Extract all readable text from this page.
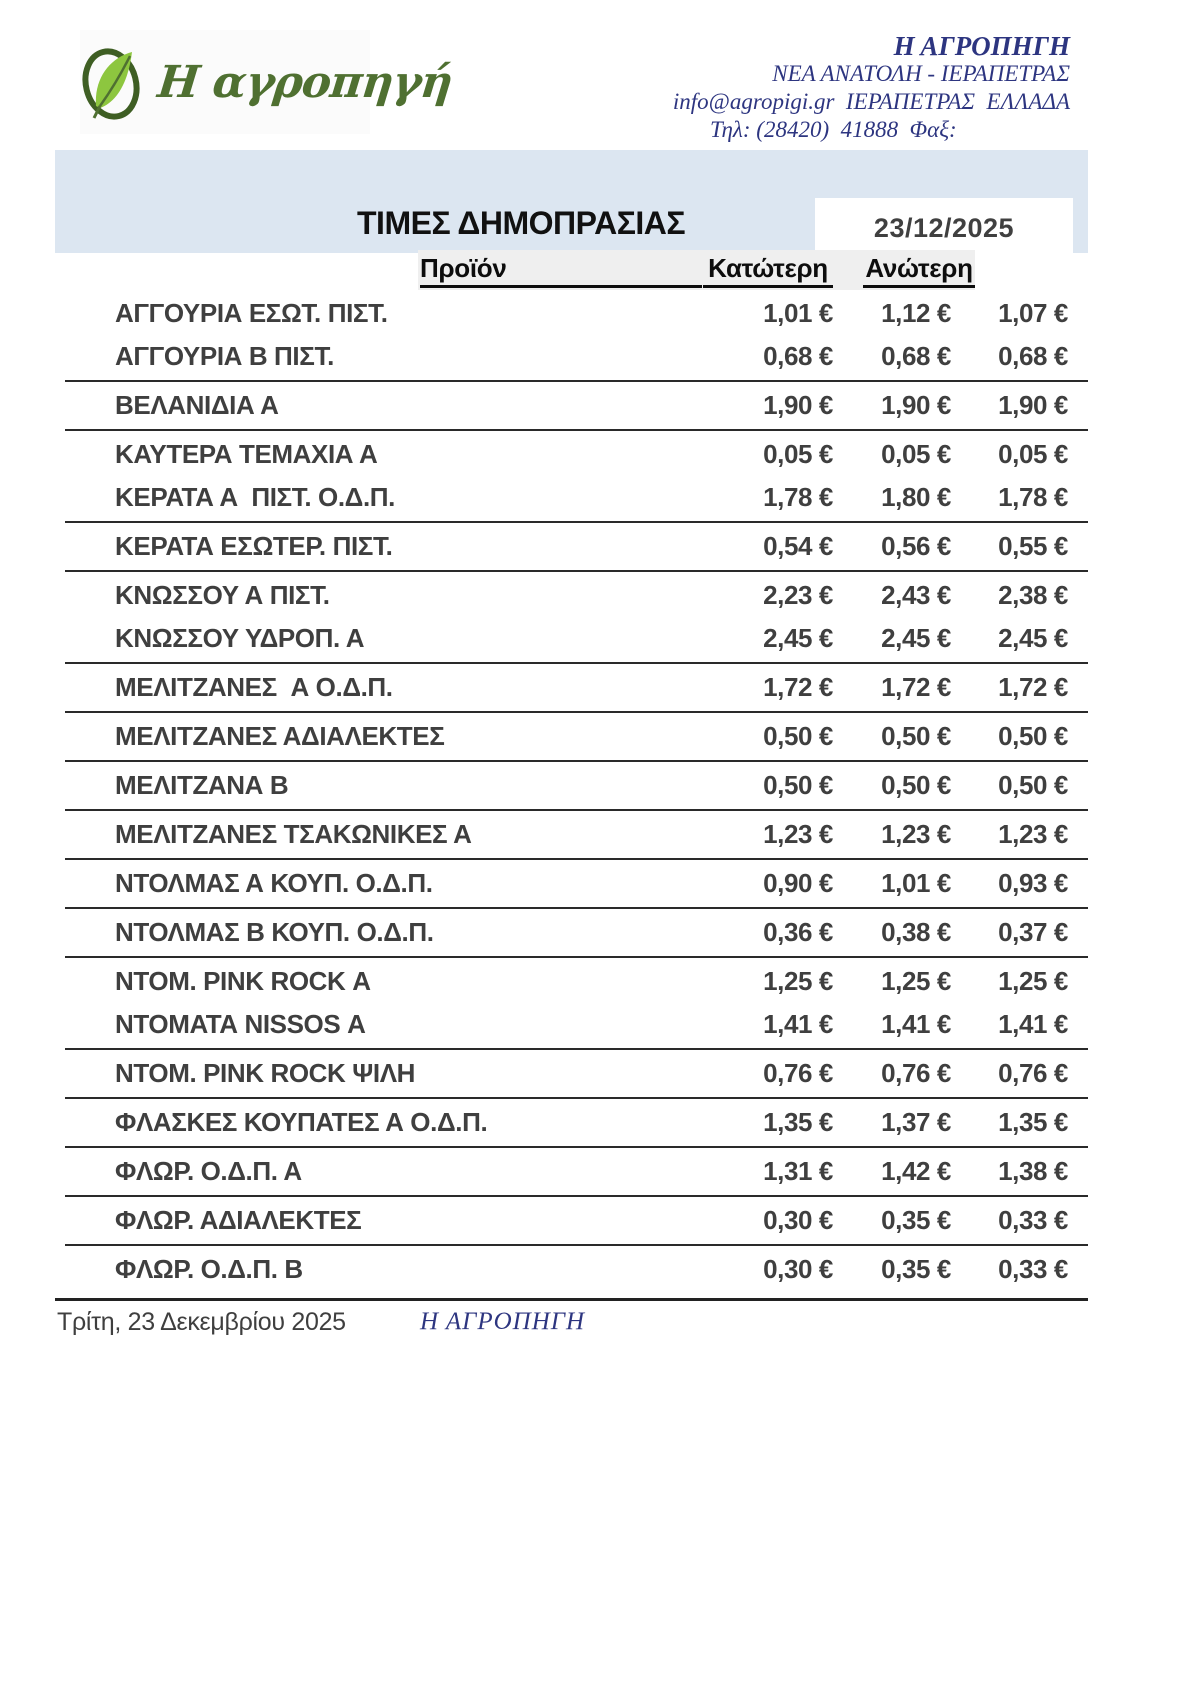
Η αγροπηγή
Η ΑΓΡΟΠΗΓΗ
ΝΕΑ ΑΝΑΤΟΛΗ - ΙΕΡΑΠΕΤΡΑΣ
info@agropigi.gr  ΙΕΡΑΠΕΤΡΑΣ  ΕΛΛΑΔΑ
Τηλ: (28420)  41888  Φαξ:
ΤΙΜΕΣ ΔΗΜΟΠΡΑΣΙΑΣ	23/12/2025
Προϊόν	Κατώτερη Ανώτερη
ΑΓΓΟΥΡΙΑ ΕΣΩΤ. ΠΙΣΤ.	1,01 €	1,12 €	1,07 €
ΑΓΓΟΥΡΙΑ Β ΠΙΣΤ.	0,68 €	0,68 €	0,68 €
ΒΕΛΑΝΙΔΙΑ Α	1,90 €	1,90 €	1,90 €
ΚΑΥΤΕΡΑ ΤΕΜΑΧΙΑ Α	0,05 €	0,05 €	0,05 €
ΚΕΡΑΤΑ Α  ΠΙΣΤ. Ο.Δ.Π.	1,78 €	1,80 €	1,78 €
ΚΕΡΑΤΑ ΕΣΩΤΕΡ. ΠΙΣΤ.	0,54 €	0,56 €	0,55 €
ΚΝΩΣΣΟΥ Α ΠΙΣΤ.	2,23 €	2,43 €	2,38 €
ΚΝΩΣΣΟΥ ΥΔΡΟΠ. Α	2,45 €	2,45 €	2,45 €
ΜΕΛΙΤΖΑΝΕΣ  Α Ο.Δ.Π.	1,72 €	1,72 €	1,72 €
ΜΕΛΙΤΖΑΝΕΣ ΑΔΙΑΛΕΚΤΕΣ	0,50 €	0,50 €	0,50 €
ΜΕΛΙΤΖΑΝΑ Β	0,50 €	0,50 €	0,50 €
ΜΕΛΙΤΖΑΝΕΣ ΤΣΑΚΩΝΙΚΕΣ Α	1,23 €	1,23 €	1,23 €
ΝΤΟΛΜΑΣ Α ΚΟΥΠ. Ο.Δ.Π.	0,90 €	1,01 €	0,93 €
ΝΤΟΛΜΑΣ Β ΚΟΥΠ. Ο.Δ.Π.	0,36 €	0,38 €	0,37 €
ΝΤΟΜ. PINK ROCK Α	1,25 €	1,25 €	1,25 €
ΝΤΟΜΑΤΑ NISSOS Α	1,41 €	1,41 €	1,41 €
ΝΤΟΜ. PINK ROCK ΨΙΛΗ	0,76 €	0,76 €	0,76 €
ΦΛΑΣΚΕΣ ΚΟΥΠΑΤΕΣ Α Ο.Δ.Π.	1,35 €	1,37 €	1,35 €
ΦΛΩΡ. Ο.Δ.Π. Α	1,31 €	1,42 €	1,38 €
ΦΛΩΡ. ΑΔΙΑΛΕΚΤΕΣ	0,30 €	0,35 €	0,33 €
ΦΛΩΡ. Ο.Δ.Π. Β	0,30 €	0,35 €	0,33 €
Τρίτη, 23 Δεκεμβρίου 2025	Η ΑΓΡΟΠΗΓΗ
